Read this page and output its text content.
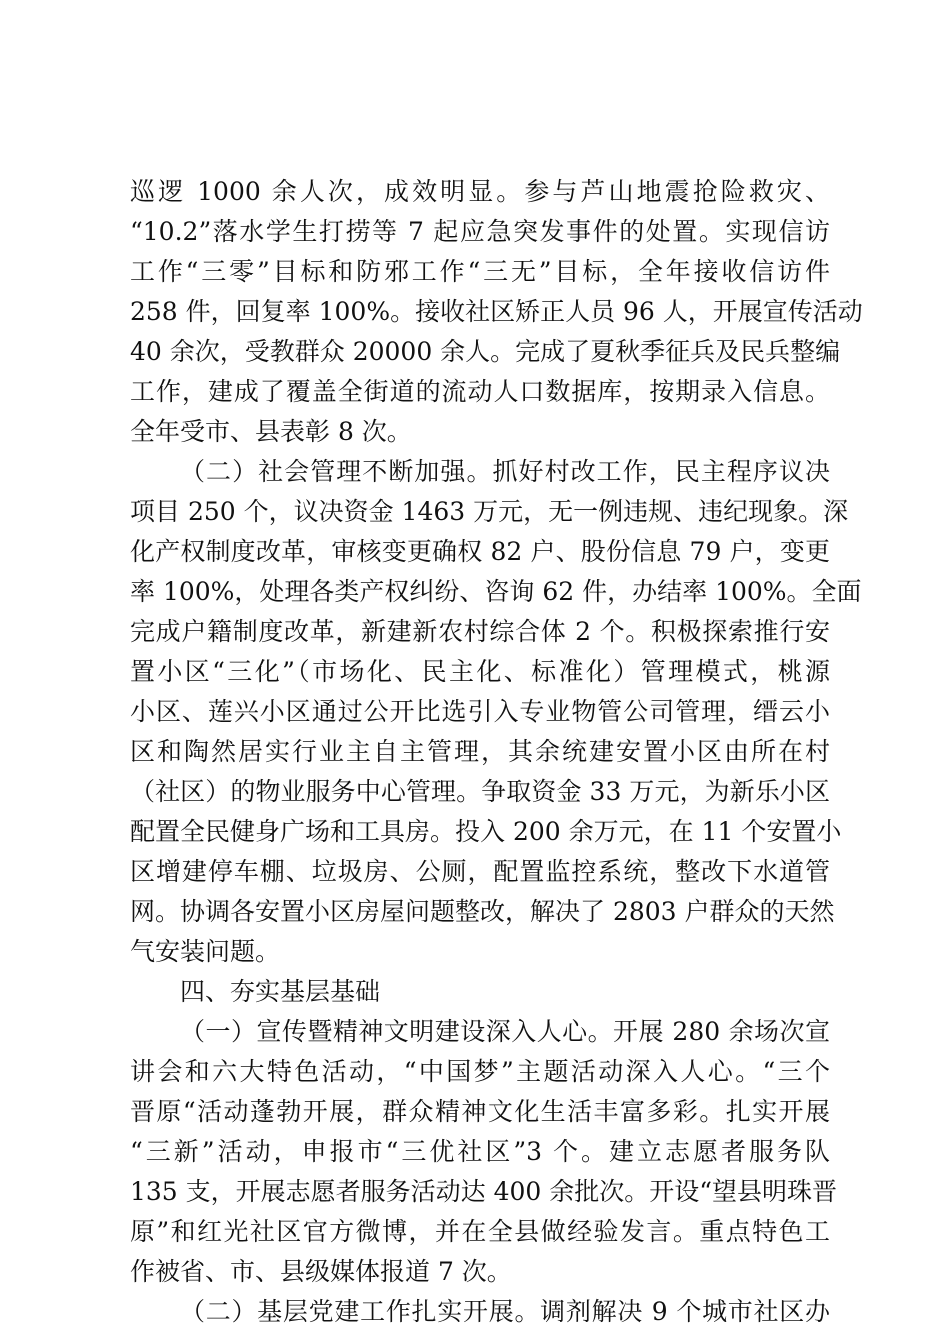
巡逻 1000 余人次，成效明显。参与芦山地震抢险救灾、
“10.2”落水学生打捞等 7 起应急突发事件的处置。实现信访
工作“三零”目标和防邪工作“三无”目标，全年接收信访件
258 件，回复率 100%。接收社区矫正人员 96 人，开展宣传活动
40 余次，受教群众 20000 余人。完成了夏秋季征兵及民兵整编
工作，建成了覆盖全街道的流动人口数据库，按期录入信息。
全年受市、县表彰 8 次。
（二）社会管理不断加强。抓好村改工作，民主程序议决
项目 250 个，议决资金 1463 万元，无一例违规、违纪现象。深
化产权制度改革，审核变更确权 82 户、股份信息 79 户，变更
率 100%，处理各类产权纠纷、咨询 62 件，办结率 100%。全面
完成户籍制度改革，新建新农村综合体 2 个。积极探索推行安
置小区“三化”（市场化、民主化、标准化）管理模式，桃源
小区、莲兴小区通过公开比选引入专业物管公司管理，缙云小
区和陶然居实行业主自主管理，其余统建安置小区由所在村
（社区）的物业服务中心管理。争取资金 33 万元，为新乐小区
配置全民健身广场和工具房。投入 200 余万元，在 11 个安置小
区增建停车棚、垃圾房、公厕，配置监控系统，整改下水道管
网。协调各安置小区房屋问题整改，解决了 2803 户群众的天然
气安装问题。
四、夯实基层基础
（一）宣传暨精神文明建设深入人心。开展 280 余场次宣
讲会和六大特色活动，“中国梦”主题活动深入人心。“三个
晋原“活动蓬勃开展，群众精神文化生活丰富多彩。扎实开展
“三新”活动，申报市“三优社区”3 个。建立志愿者服务队
135 支，开展志愿者服务活动达 400 余批次。开设“望县明珠晋
原”和红光社区官方微博，并在全县做经验发言。重点特色工
作被省、市、县级媒体报道 7 次。
（二）基层党建工作扎实开展。调剂解决 9 个城市社区办
